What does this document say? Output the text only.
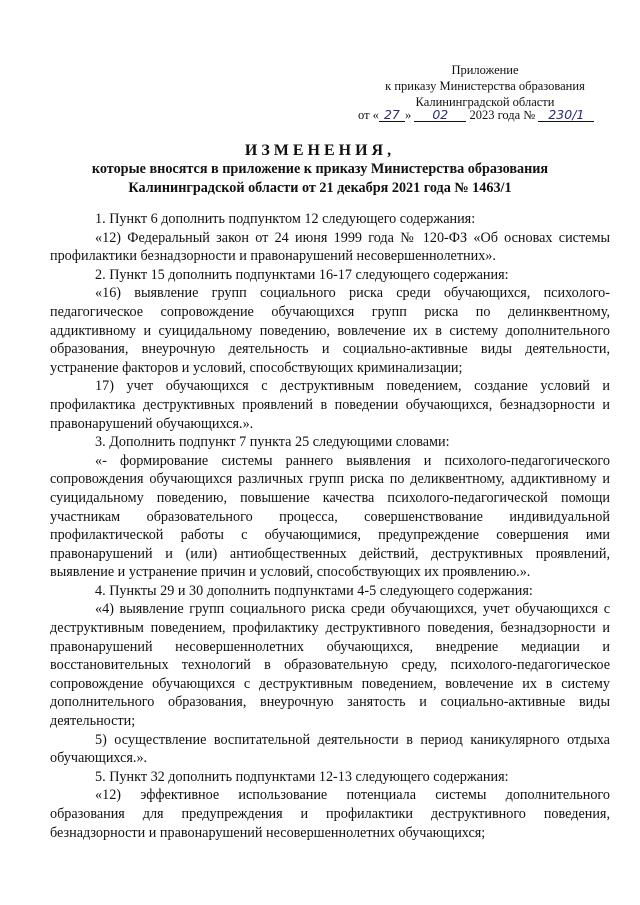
Приложение
к приказу Министерства образования
Калининградской области
от « 27 » 02 2023 года № 230/1
ИЗМЕНЕНИЯ,
которые вносятся в приложение к приказу Министерства образования Калининградской области от 21 декабря 2021 года № 1463/1

1. Пункт 6 дополнить подпунктом 12 следующего содержания:

«12) Федеральный закон от 24 июня 1999 года № 120-ФЗ «Об основах системы профилактики безнадзорности и правонарушений несовершеннолетних».

2. Пункт 15 дополнить подпунктами 16-17 следующего содержания:

«16) выявление групп социального риска среди обучающихся, психолого-педагогическое сопровождение обучающихся групп риска по делинквентному, аддиктивному и суицидальному поведению, вовлечение их в систему дополнительного образования, внеурочную деятельность и социально-активные виды деятельности, устранение факторов и условий, способствующих криминализации;

17) учет обучающихся с деструктивным поведением, создание условий и профилактика деструктивных проявлений в поведении обучающихся, безнадзорности и правонарушений обучающихся.».

3. Дополнить подпункт 7 пункта 25 следующими словами:

«- формирование системы раннего выявления и психолого-педагогического сопровождения обучающихся различных групп риска по деликвентному, аддиктивному и суицидальному поведению, повышение качества психолого-педагогической помощи участникам образовательного процесса, совершенствование индивидуальной профилактической работы с обучающимися, предупреждение совершения ими правонарушений и (или) антиобщественных действий, деструктивных проявлений, выявление и устранение причин и условий, способствующих их проявлению.».

4. Пункты 29 и 30 дополнить подпунктами 4-5 следующего содержания:

«4) выявление групп социального риска среди обучающихся, учет обучающихся с деструктивным поведением, профилактику деструктивного поведения, безнадзорности и правонарушений несовершеннолетних обучающихся, внедрение медиации и восстановительных технологий в образовательную среду, психолого-педагогическое сопровождение обучающихся с деструктивным поведением, вовлечение их в систему дополнительного образования, внеурочную занятость и социально-активные виды деятельности;

5) осуществление воспитательной деятельности в период каникулярного отдыха обучающихся.».

5. Пункт 32 дополнить подпунктами 12-13 следующего содержания:

«12) эффективное использование потенциала системы дополнительного образования для предупреждения и профилактики деструктивного поведения, безнадзорности и правонарушений несовершеннолетних обучающихся;
